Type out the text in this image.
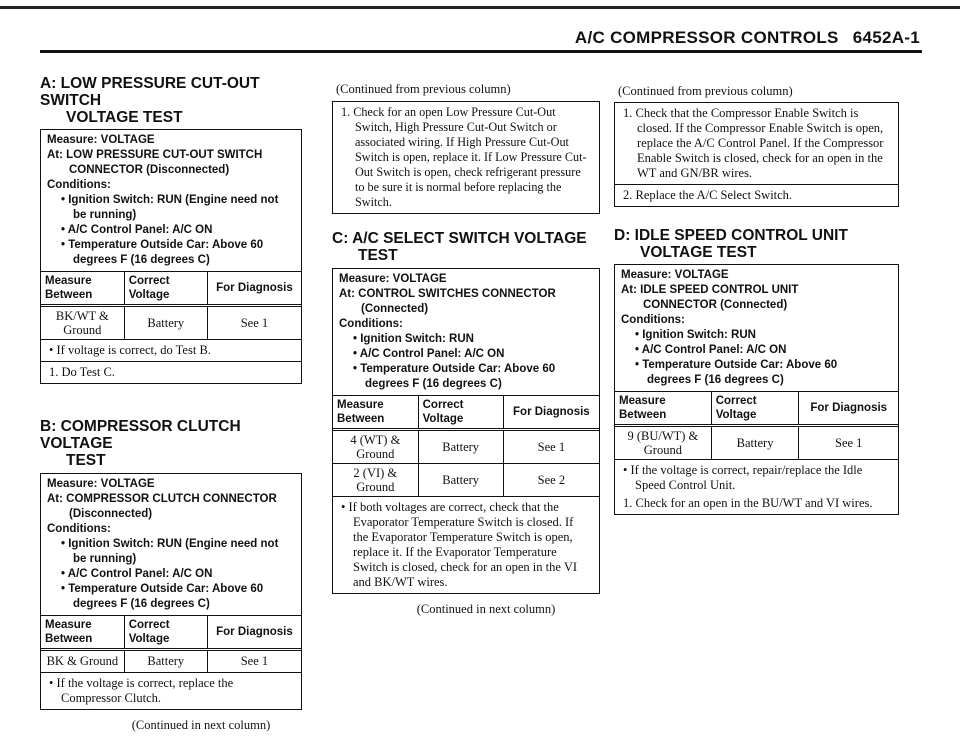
A/C COMPRESSOR CONTROLS 6452A-1
A: LOW PRESSURE CUT-OUT SWITCH
VOLTAGE TEST
Measure: VOLTAGE
At: LOW PRESSURE CUT-OUT SWITCH
CONNECTOR (Disconnected)
Conditions:
• Ignition Switch: RUN (Engine need not
be running)
• A/C Control Panel: A/C ON
• Temperature Outside Car: Above 60
degrees F (16 degrees C)
Measure Between	Correct Voltage	For Diagnosis
BK/WT & Ground	Battery	See 1
• If voltage is correct, do Test B.
1. Do Test C.
B: COMPRESSOR CLUTCH VOLTAGE
TEST
Measure: VOLTAGE
At: COMPRESSOR CLUTCH CONNECTOR
(Disconnected)
Conditions:
• Ignition Switch: RUN (Engine need not
be running)
• A/C Control Panel: A/C ON
• Temperature Outside Car: Above 60
degrees F (16 degrees C)
Measure Between	Correct Voltage	For Diagnosis
BK & Ground	Battery	See 1
• If the voltage is correct, replace the Compressor Clutch.
(Continued in next column)
(Continued from previous column)
1. Check for an open Low Pressure Cut-Out Switch, High Pressure Cut-Out Switch or associated wiring. If High Pressure Cut-Out Switch is open, replace it. If Low Pressure Cut-Out Switch is open, check refrigerant pressure to be sure it is normal before replacing the Switch.
C: A/C SELECT SWITCH VOLTAGE
TEST
Measure: VOLTAGE
At: CONTROL SWITCHES CONNECTOR
(Connected)
Conditions:
• Ignition Switch: RUN
• A/C Control Panel: A/C ON
• Temperature Outside Car: Above 60
degrees F (16 degrees C)
Measure Between	Correct Voltage	For Diagnosis
4 (WT) & Ground	Battery	See 1
2 (VI) & Ground	Battery	See 2
• If both voltages are correct, check that the Evaporator Temperature Switch is closed. If the Evaporator Temperature Switch is open, replace it. If the Evaporator Temperature Switch is closed, check for an open in the VI and BK/WT wires.
(Continued in next column)
(Continued from previous column)
1. Check that the Compressor Enable Switch is closed. If the Compressor Enable Switch is open, replace the A/C Control Panel. If the Compressor Enable Switch is closed, check for an open in the WT and GN/BR wires.
2. Replace the A/C Select Switch.
D: IDLE SPEED CONTROL UNIT
VOLTAGE TEST
Measure: VOLTAGE
At: IDLE SPEED CONTROL UNIT
CONNECTOR (Connected)
Conditions:
• Ignition Switch: RUN
• A/C Control Panel: A/C ON
• Temperature Outside Car: Above 60
degrees F (16 degrees C)
Measure Between	Correct Voltage	For Diagnosis
9 (BU/WT) & Ground	Battery	See 1
• If the voltage is correct, repair/replace the Idle Speed Control Unit.
1. Check for an open in the BU/WT and VI wires.
